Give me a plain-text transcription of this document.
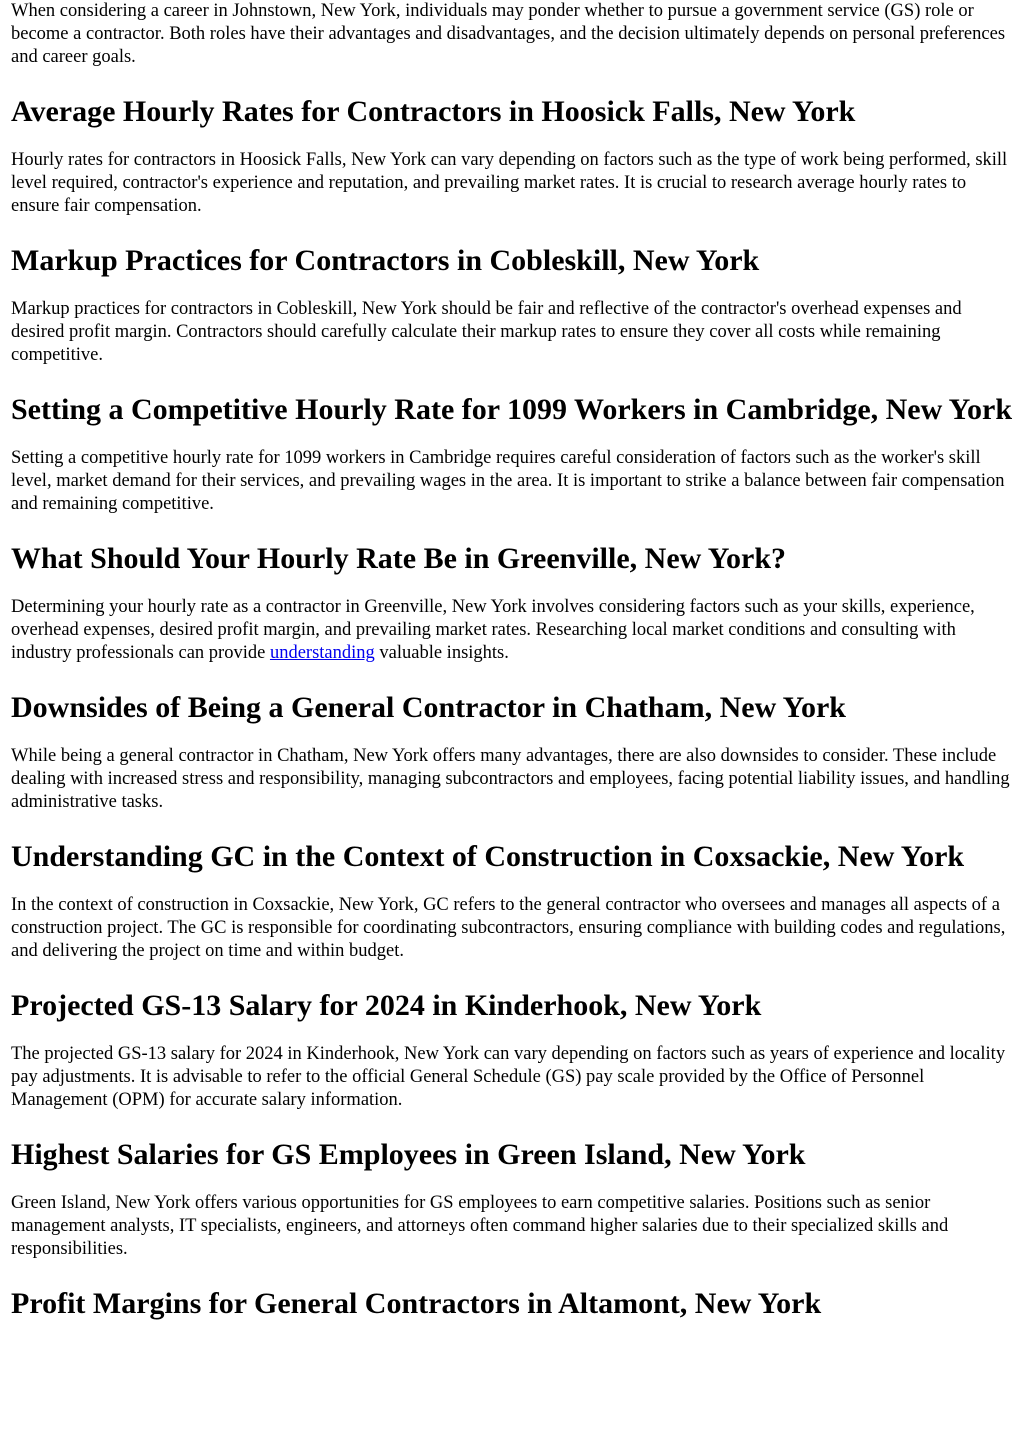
When considering a career in Johnstown, New York, individuals may ponder whether to pursue a government service (GS) role or become a contractor. Both roles have their advantages and disadvantages, and the decision ultimately depends on personal preferences and career goals.

Average Hourly Rates for Contractors in Hoosick Falls, New York

Hourly rates for contractors in Hoosick Falls, New York can vary depending on factors such as the type of work being performed, skill level required, contractor's experience and reputation, and prevailing market rates. It is crucial to research average hourly rates to ensure fair compensation.

Markup Practices for Contractors in Cobleskill, New York

Markup practices for contractors in Cobleskill, New York should be fair and reflective of the contractor's overhead expenses and desired profit margin. Contractors should carefully calculate their markup rates to ensure they cover all costs while remaining competitive.

Setting a Competitive Hourly Rate for 1099 Workers in Cambridge, New York

Setting a competitive hourly rate for 1099 workers in Cambridge requires careful consideration of factors such as the worker's skill level, market demand for their services, and prevailing wages in the area. It is important to strike a balance between fair compensation and remaining competitive.

What Should Your Hourly Rate Be in Greenville, New York?

Determining your hourly rate as a contractor in Greenville, New York involves considering factors such as your skills, experience, overhead expenses, desired profit margin, and prevailing market rates. Researching local market conditions and consulting with industry professionals can provide understanding valuable insights.

Downsides of Being a General Contractor in Chatham, New York

While being a general contractor in Chatham, New York offers many advantages, there are also downsides to consider. These include dealing with increased stress and responsibility, managing subcontractors and employees, facing potential liability issues, and handling administrative tasks.

Understanding GC in the Context of Construction in Coxsackie, New York

In the context of construction in Coxsackie, New York, GC refers to the general contractor who oversees and manages all aspects of a construction project. The GC is responsible for coordinating subcontractors, ensuring compliance with building codes and regulations, and delivering the project on time and within budget.

Projected GS-13 Salary for 2024 in Kinderhook, New York

The projected GS-13 salary for 2024 in Kinderhook, New York can vary depending on factors such as years of experience and locality pay adjustments. It is advisable to refer to the official General Schedule (GS) pay scale provided by the Office of Personnel Management (OPM) for accurate salary information.

Highest Salaries for GS Employees in Green Island, New York

Green Island, New York offers various opportunities for GS employees to earn competitive salaries. Positions such as senior management analysts, IT specialists, engineers, and attorneys often command higher salaries due to their specialized skills and responsibilities.

Profit Margins for General Contractors in Altamont, New York
